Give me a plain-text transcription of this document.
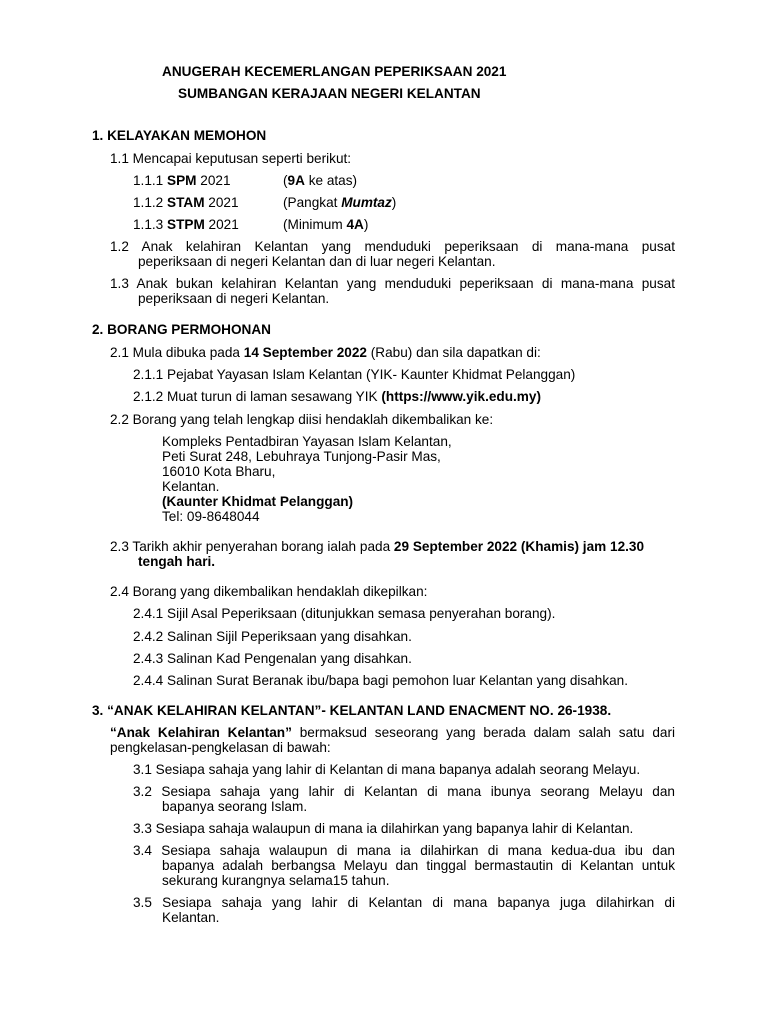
ANUGERAH KECEMERLANGAN PEPERIKSAAN 2021
SUMBANGAN KERAJAAN NEGERI KELANTAN
1. KELAYAKAN MEMOHON
1.1 Mencapai keputusan seperti berikut:
1.1.1 SPM 2021	(9A ke atas)
1.1.2 STAM 2021	(Pangkat Mumtaz)
1.1.3 STPM 2021	(Minimum 4A)
1.2 Anak kelahiran Kelantan yang menduduki peperiksaan di mana-mana pusat
peperiksaan di negeri Kelantan dan di luar negeri Kelantan.
1.3 Anak bukan kelahiran Kelantan yang menduduki peperiksaan di mana-mana pusat
peperiksaan di negeri Kelantan.
2. BORANG PERMOHONAN
2.1 Mula dibuka pada 14 September 2022 (Rabu) dan sila dapatkan di:
2.1.1 Pejabat Yayasan Islam Kelantan (YIK- Kaunter Khidmat Pelanggan)
2.1.2 Muat turun di laman sesawang YIK (https://www.yik.edu.my)
2.2 Borang yang telah lengkap diisi hendaklah dikembalikan ke:
Kompleks Pentadbiran Yayasan Islam Kelantan,
Peti Surat 248, Lebuhraya Tunjong-Pasir Mas,
16010 Kota Bharu,
Kelantan.
(Kaunter Khidmat Pelanggan)
Tel: 09-8648044
2.3 Tarikh akhir penyerahan borang ialah pada 29 September 2022 (Khamis) jam 12.30
tengah hari.
2.4 Borang yang dikembalikan hendaklah dikepilkan:
2.4.1 Sijil Asal Peperiksaan (ditunjukkan semasa penyerahan borang).
2.4.2 Salinan Sijil Peperiksaan yang disahkan.
2.4.3 Salinan Kad Pengenalan yang disahkan.
2.4.4 Salinan Surat Beranak ibu/bapa bagi pemohon luar Kelantan yang disahkan.
3. “ANAK KELAHIRAN KELANTAN”- KELANTAN LAND ENACMENT NO. 26-1938.
“Anak Kelahiran Kelantan” bermaksud seseorang yang berada dalam salah satu dari
pengkelasan-pengkelasan di bawah:
3.1 Sesiapa sahaja yang lahir di Kelantan di mana bapanya adalah seorang Melayu.
3.2 Sesiapa sahaja yang lahir di Kelantan di mana ibunya seorang Melayu dan
bapanya seorang Islam.
3.3 Sesiapa sahaja walaupun di mana ia dilahirkan yang bapanya lahir di Kelantan.
3.4 Sesiapa sahaja walaupun di mana ia dilahirkan di mana kedua-dua ibu dan
bapanya adalah berbangsa Melayu dan tinggal bermastautin di Kelantan untuk
sekurang kurangnya selama15 tahun.
3.5 Sesiapa sahaja yang lahir di Kelantan di mana bapanya juga dilahirkan di
Kelantan.
